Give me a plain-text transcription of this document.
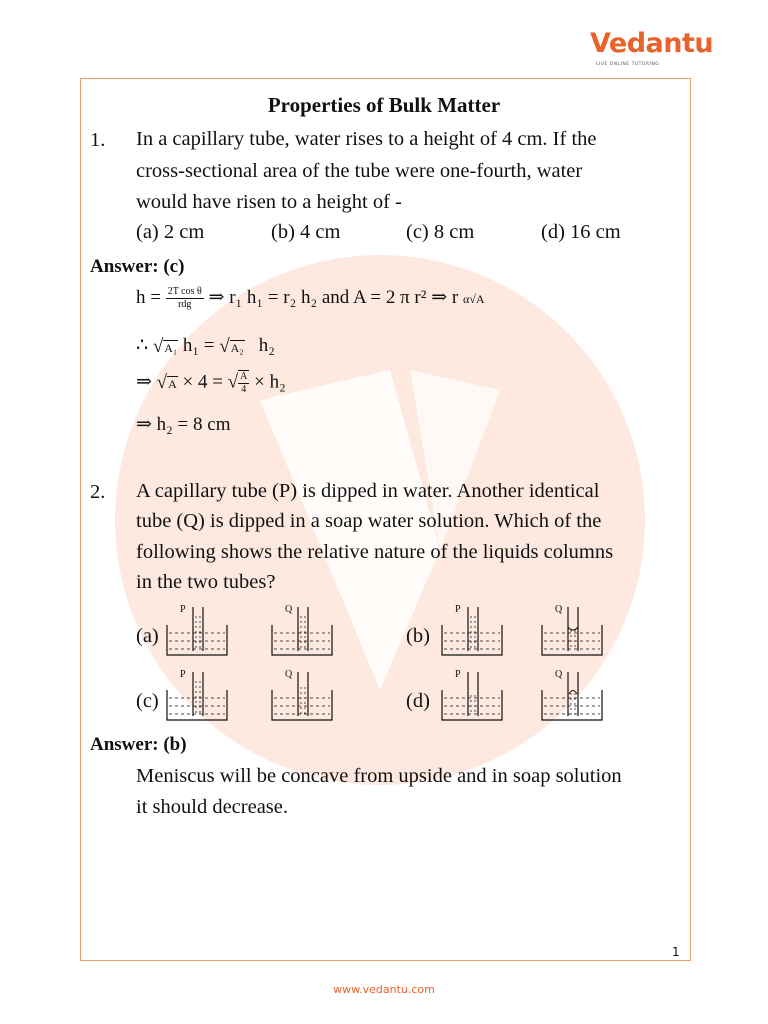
Vedantu
LIVE ONLINE TUTORING
Properties of Bulk Matter
1. In a capillary tube, water rises to a height of 4 cm. If the
cross-sectional area of the tube were one-fourth, water
would have risen to a height of -
(a) 2 cm	(b) 4 cm	(c) 8 cm	(d) 16 cm
Answer: (c)
$h = \frac{\text{2T cos θ}}{\text{rdg}}$ ⇒ r₁ h₁ = r₂ h₂ and A = 2 π r² ⇒ r α√A
∴ √A₁ h₁ = √A₂ h₂
⇒ √A × 4 = √ $\frac{A}{4} \times h_2$
⇒ h₂ = 8 cm
2. A capillary tube (P) is dipped in water. Another identical
tube (Q) is dipped in a soap water solution. Which of the
following shows the relative nature of the liquids columns
in the two tubes?
(a)	(b)
(c)	(d)
P	Q	P	Q
P	Q	P	Q
Answer: (b)
Meniscus will be concave from upside and in soap solution
it should decrease.
1
www.vedantu.com
